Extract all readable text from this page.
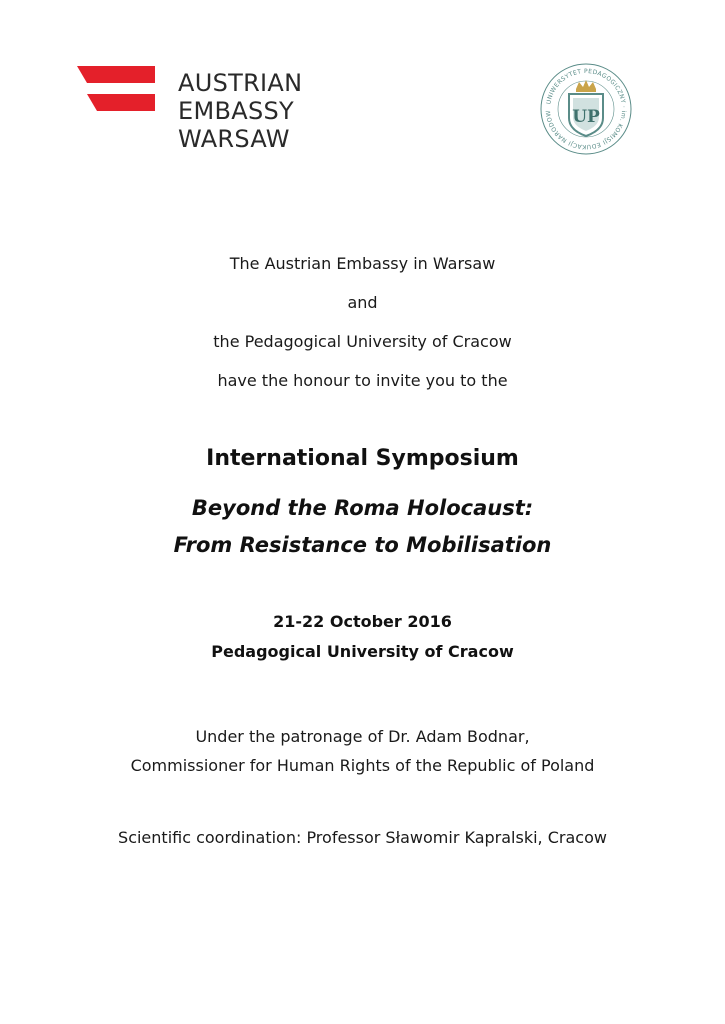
AUSTRIAN
EMBASSY
WARSAW
UNIWERSYTET PEDAGOGICZNY · im. KOMISJI EDUKACJI NARODOW	UP
The Austrian Embassy in Warsaw
and
the Pedagogical University of Cracow
have the honour to invite you to the
International Symposium
Beyond the Roma Holocaust:
From Resistance to Mobilisation
21-22 October 2016
Pedagogical University of Cracow
Under the patronage of Dr. Adam Bodnar,
Commissioner for Human Rights of the Republic of Poland
Scientific coordination: Professor Sławomir Kapralski, Cracow
